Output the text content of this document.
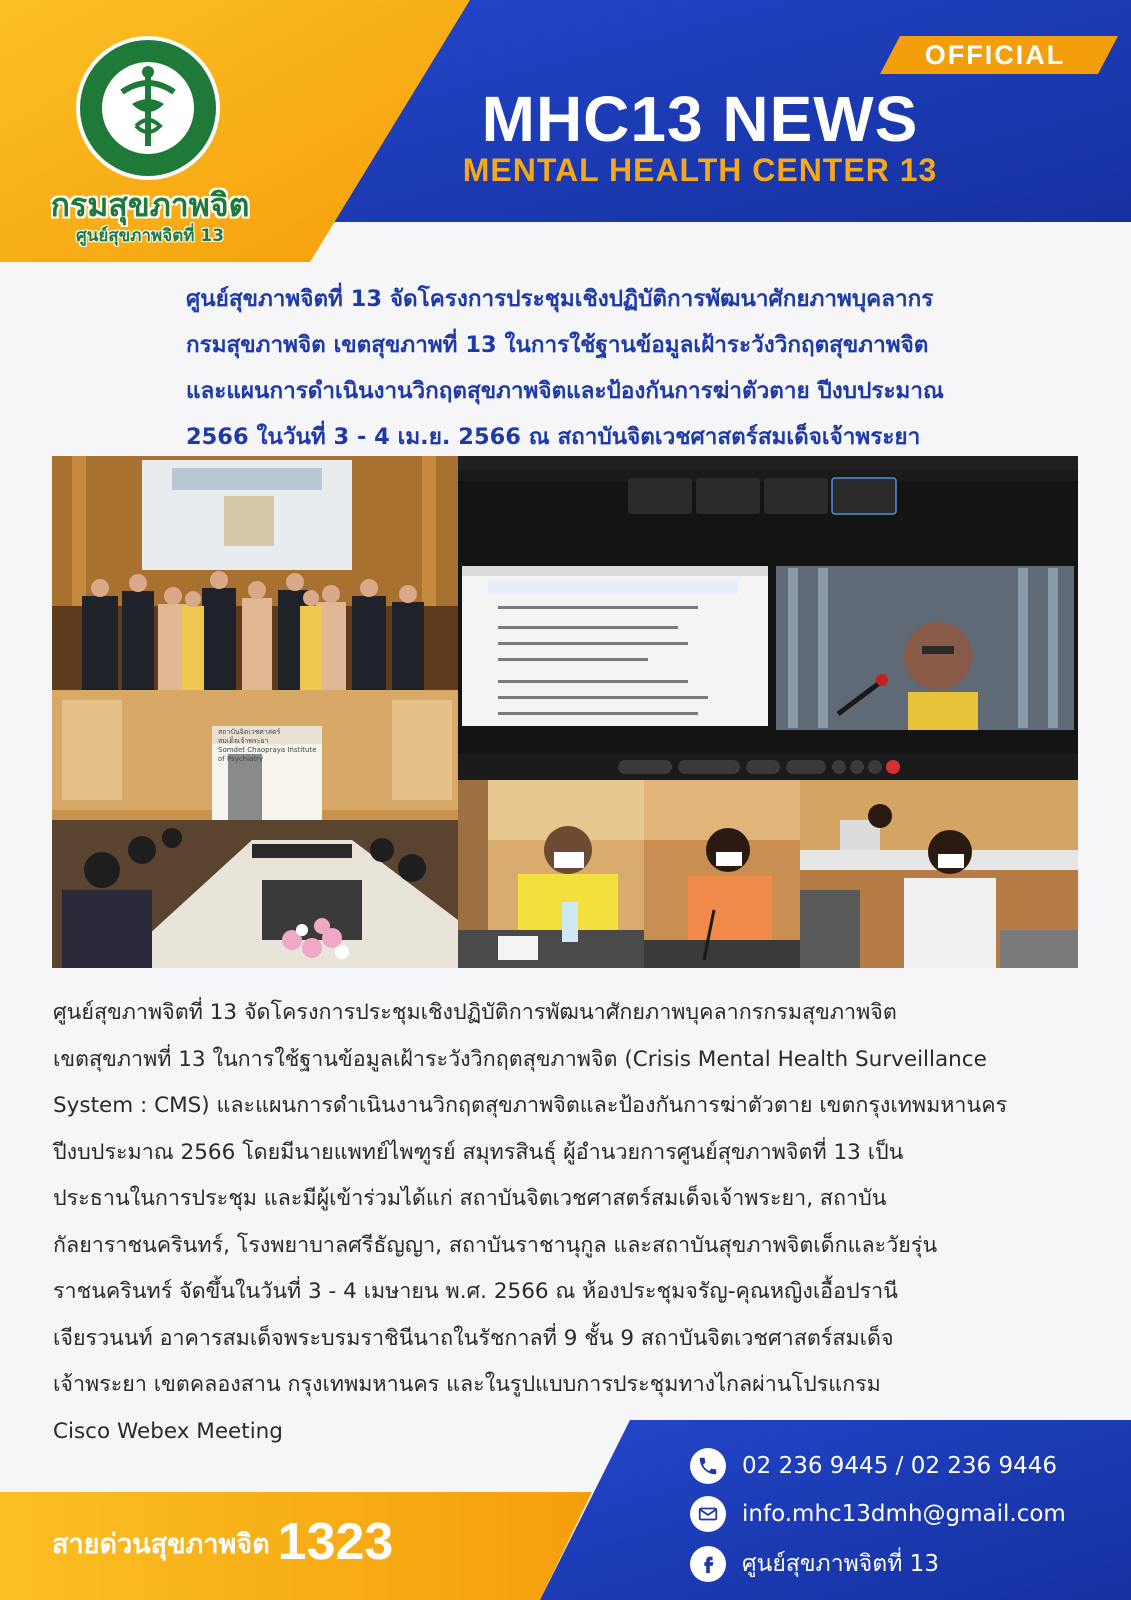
กรมสุขภาพจิต
ศูนย์สุขภาพจิตที่ 13
OFFICIAL
MHC13 NEWS
MENTAL HEALTH CENTER 13
ศูนย์สุขภาพจิตที่ 13 จัดโครงการประชุมเชิงปฏิบัติการพัฒนาศักยภาพบุคลากร
กรมสุขภาพจิต เขตสุขภาพที่ 13 ในการใช้ฐานข้อมูลเฝ้าระวังวิกฤตสุขภาพจิต
และแผนการดำเนินงานวิกฤตสุขภาพจิตและป้องกันการฆ่าตัวตาย ปีงบประมาณ
2566 ในวันที่ 3 - 4 เม.ย. 2566 ณ สถาบันจิตเวชศาสตร์สมเด็จเจ้าพระยา
สถาบันจิตเวชศาสตร์สมเด็จเจ้าพระยา
Somdet Chaopraya Institute of Psychiatry
ศูนย์สุขภาพจิตที่ 13 จัดโครงการประชุมเชิงปฏิบัติการพัฒนาศักยภาพบุคลากรกรมสุขภาพจิต
เขตสุขภาพที่ 13 ในการใช้ฐานข้อมูลเฝ้าระวังวิกฤตสุขภาพจิต (Crisis Mental Health Surveillance
System : CMS) และแผนการดำเนินงานวิกฤตสุขภาพจิตและป้องกันการฆ่าตัวตาย เขตกรุงเทพมหานคร
ปีงบประมาณ 2566 โดยมีนายแพทย์ไพฑูรย์ สมุทรสินธุ์ ผู้อำนวยการศูนย์สุขภาพจิตที่ 13 เป็น
ประธานในการประชุม และมีผู้เข้าร่วมได้แก่ สถาบันจิตเวชศาสตร์สมเด็จเจ้าพระยา, สถาบัน
กัลยาราชนครินทร์, โรงพยาบาลศรีธัญญา, สถาบันราชานุกูล และสถาบันสุขภาพจิตเด็กและวัยรุ่น
ราชนครินทร์ จัดขึ้นในวันที่ 3 - 4 เมษายน พ.ศ. 2566 ณ ห้องประชุมจรัญ-คุณหญิงเอื้อปรานี
เจียรวนนท์ อาคารสมเด็จพระบรมราชินีนาถในรัชกาลที่ 9 ชั้น 9 สถาบันจิตเวชศาสตร์สมเด็จ
เจ้าพระยา เขตคลองสาน กรุงเทพมหานคร และในรูปแบบการประชุมทางไกลผ่านโปรแกรม
Cisco Webex Meeting
สายด่วนสุขภาพจิต 1323
02 236 9445 / 02 236 9446
info.mhc13dmh@gmail.com
ศูนย์สุขภาพจิตที่ 13
